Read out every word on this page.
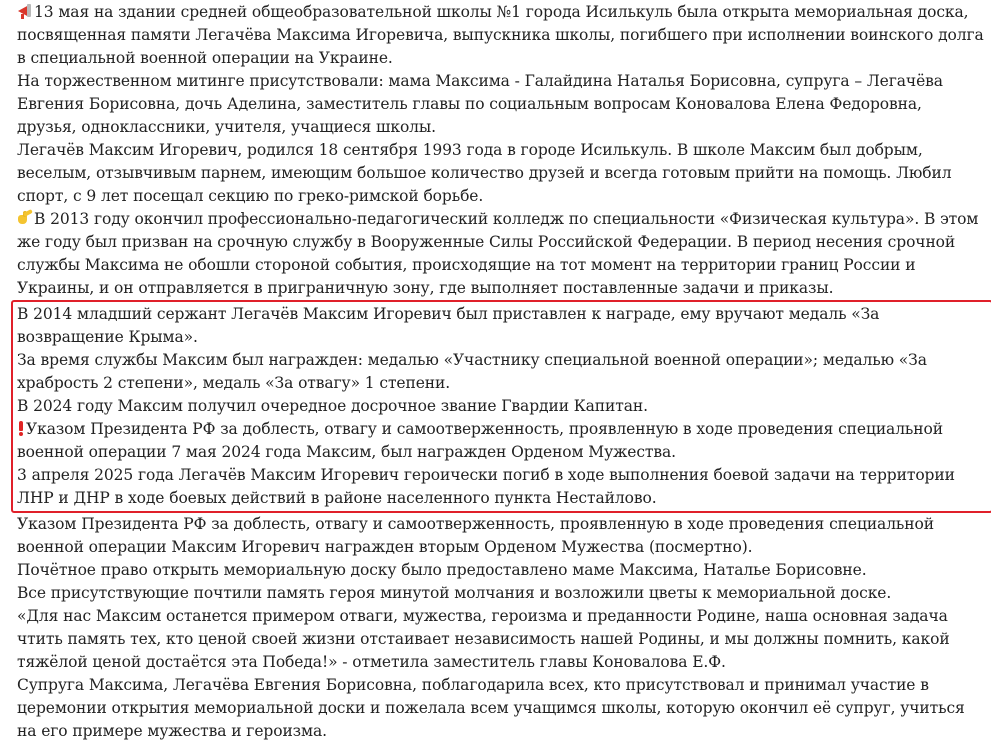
13 мая на здании средней общеобразовательной школы №1 города Исилькуль была открыта мемориальная доска, посвященная памяти Легачёва Максима Игоревича, выпускника школы, погибшего при исполнении воинского долга в специальной военной операции на Украине.

На торжественном митинге присутствовали: мама Максима - Галайдина Наталья Борисовна, супруга – Легачёва Евгения Борисовна, дочь Аделина, заместитель главы по социальным вопросам Коновалова Елена Федоровна, друзья, одноклассники, учителя, учащиеся школы.

Легачёв Максим Игоревич, родился 18 сентября 1993 года в городе Исилькуль. В школе Максим был добрым, веселым, отзывчивым парнем, имеющим большое количество друзей и всегда готовым прийти на помощь. Любил спорт, с 9 лет посещал секцию по греко-римской борьбе.

В 2013 году окончил профессионально-педагогический колледж по специальности «Физическая культура». В этом же году был призван на срочную службу в Вооруженные Силы Российской Федерации. В период несения срочной службы Максима не обошли стороной события, происходящие на тот момент на территории границ России и Украины, и он отправляется в приграничную зону, где выполняет поставленные задачи и приказы.

В 2014 младший сержант Легачёв Максим Игоревич был приставлен к награде, ему вручают медаль «За возвращение Крыма».

За время службы Максим был награжден: медалью «Участнику специальной военной операции»; медалью «За храбрость 2 степени», медаль «За отвагу» 1 степени.

В 2024 году Максим получил очередное досрочное звание Гвардии Капитан.

Указом Президента РФ за доблесть, отвагу и самоотверженность, проявленную в ходе проведения специальной военной операции 7 мая 2024 года Максим, был награжден Орденом Мужества.

3 апреля 2025 года Легачёв Максим Игоревич героически погиб в ходе выполнения боевой задачи на территории ЛНР и ДНР в ходе боевых действий в районе населенного пункта Нестайлово.

Указом Президента РФ за доблесть, отвагу и самоотверженность, проявленную в ходе проведения специальной военной операции Максим Игоревич награжден вторым Орденом Мужества (посмертно).

Почётное право открыть мемориальную доску было предоставлено маме Максима, Наталье Борисовне.

Все присутствующие почтили память героя минутой молчания и возложили цветы к мемориальной доске.

«Для нас Максим останется примером отваги, мужества, героизма и преданности Родине, наша основная задача чтить память тех, кто ценой своей жизни отстаивает независимость нашей Родины, и мы должны помнить, какой тяжёлой ценой достаётся эта Победа!» - отметила заместитель главы Коновалова Е.Ф.

Супруга Максима, Легачёва Евгения Борисовна, поблагодарила всех, кто присутствовал и принимал участие в церемонии открытия мемориальной доски и пожелала всем учащимся школы, которую окончил её супруг, учиться на его примере мужества и героизма.
